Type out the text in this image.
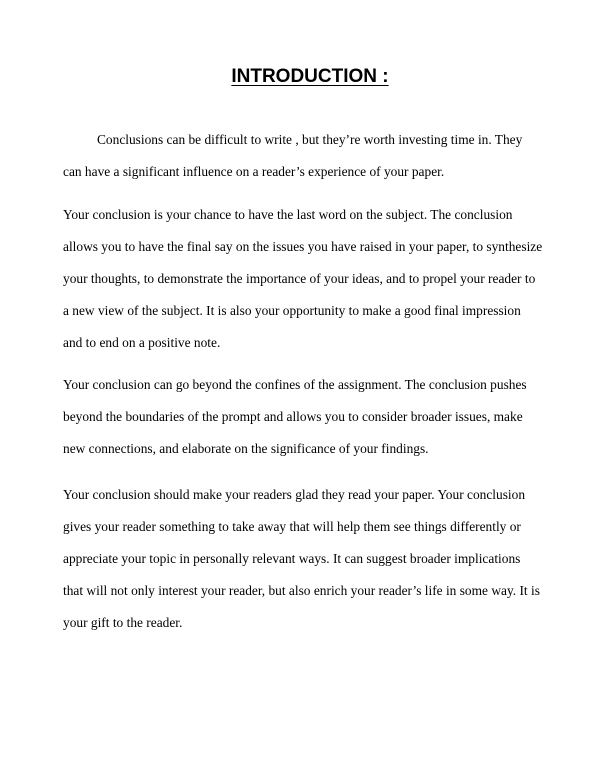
INTRODUCTION :
Conclusions can be difficult to write , but they’re worth investing time in. They
can have a significant influence on a reader’s experience of your paper.
Your conclusion is your chance to have the last word on the subject. The conclusion
allows you to have the final say on the issues you have raised in your paper, to synthesize
your thoughts, to demonstrate the importance of your ideas, and to propel your reader to
a new view of the subject. It is also your opportunity to make a good final impression
and to end on a positive note.
Your conclusion can go beyond the confines of the assignment. The conclusion pushes
beyond the boundaries of the prompt and allows you to consider broader issues, make
new connections, and elaborate on the significance of your findings.
Your conclusion should make your readers glad they read your paper. Your conclusion
gives your reader something to take away that will help them see things differently or
appreciate your topic in personally relevant ways. It can suggest broader implications
that will not only interest your reader, but also enrich your reader’s life in some way. It is
your gift to the reader.
